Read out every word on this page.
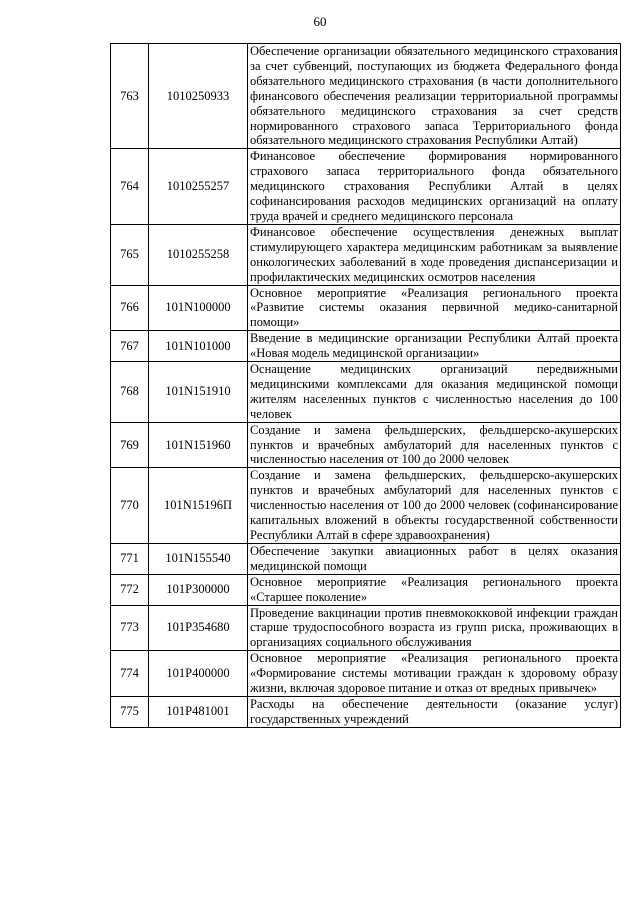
60
763	1010250933	Обеспечение организации обязательного медицинского страхования за счет субвенций, поступающих из бюджета Федерального фонда обязательного медицинского страхования (в части дополнительного финансового обеспечения реализации территориальной программы обязательного медицинского страхования за счет средств нормированного страхового запаса Территориального фонда обязательного медицинского страхования Республики Алтай)
764	1010255257	Финансовое обеспечение формирования нормированного страхового запаса территориального фонда обязательного медицинского страхования Республики Алтай в целях софинансирования расходов медицинских организаций на оплату труда врачей и среднего медицинского персонала
765	1010255258	Финансовое обеспечение осуществления денежных выплат стимулирующего характера медицинским работникам за выявление онкологических заболеваний в ходе проведения диспансеризации и профилактических медицинских осмотров населения
766	101N100000	Основное мероприятие «Реализация регионального проекта «Развитие системы оказания первичной медико-санитарной помощи»
767	101N101000	Введение в медицинские организации Республики Алтай проекта «Новая модель медицинской организации»
768	101N151910	Оснащение медицинских организаций передвижными медицинскими комплексами для оказания медицинской помощи жителям населенных пунктов с численностью населения до 100 человек
769	101N151960	Создание и замена фельдшерских, фельдшерско-акушерских пунктов и врачебных амбулаторий для населенных пунктов с численностью населения от 100 до 2000 человек
770	101N15196П	Создание и замена фельдшерских, фельдшерско-акушерских пунктов и врачебных амбулаторий для населенных пунктов с численностью населения от 100 до 2000 человек (софинансирование капитальных вложений в объекты государственной собственности Республики Алтай в сфере здравоохранения)
771	101N155540	Обеспечение закупки авиационных работ в целях оказания медицинской помощи
772	101P300000	Основное мероприятие «Реализация регионального проекта «Старшее поколение»
773	101P354680	Проведение вакцинации против пневмококковой инфекции граждан старше трудоспособного возраста из групп риска, проживающих в организациях социального обслуживания
774	101P400000	Основное мероприятие «Реализация регионального проекта «Формирование системы мотивации граждан к здоровому образу жизни, включая здоровое питание и отказ от вредных привычек»
775	101P481001	Расходы на обеспечение деятельности (оказание услуг) государственных учреждений
